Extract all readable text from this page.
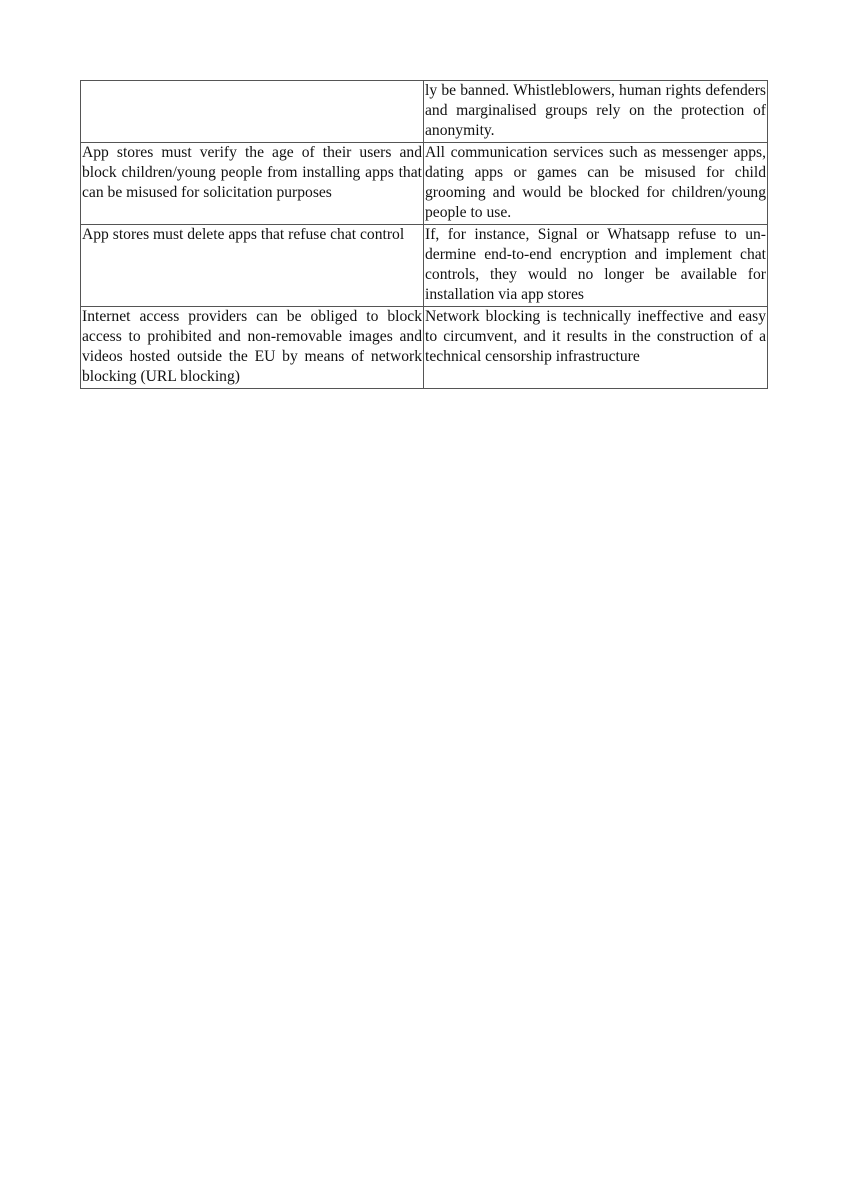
	ly be banned. Whistleblowers, human rights defenders and marginalised groups rely on the protection of anonymity.
App stores must verify the age of their users and block children/young people from installing apps that can be misused for solicitation purposes	All communication services such as messenger apps, dating apps or games can be misused for child grooming and would be blocked for children/young people to use.
App stores must delete apps that refuse chat control	If, for instance, Signal or Whatsapp refuse to undermine end-to-end encryption and implement chat controls, they would no longer be available for installation via app stores
Internet access providers can be obliged to block access to prohibited and non-removable images and videos hosted outside the EU by means of network blocking (URL blocking)	Network blocking is technically ineffective and easy to circumvent, and it results in the construction of a technical censorship infrastructure
